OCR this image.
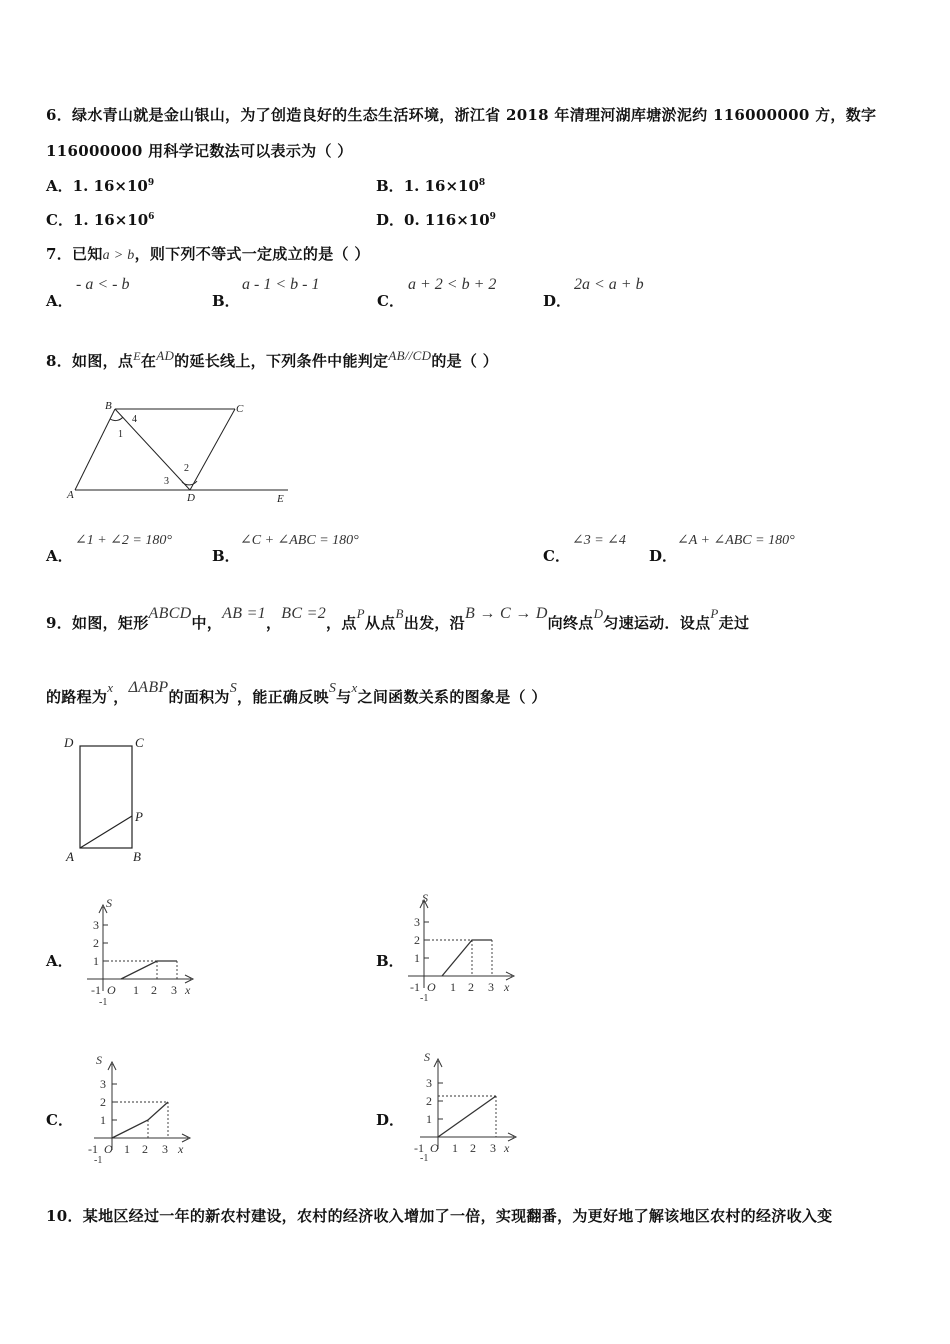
6．绿水青山就是金山银山，为了创造良好的生态生活环境，浙江省 2018 年清理河湖库塘淤泥约 116000000 方，数字
116000000 用科学记数法可以表示为（ ）
A．1. $16\times 10^9$	B．1. $16\times 10^8$
C．1. $16\times 10^6$	D．0. $116\times 10^9$
7．已知a > b，则下列不等式一定成立的是（ ）
A．
- a < - b
B．
a - 1 < b - 1
C．
a + 2 < b + 2
D．
2a < a + b
8．如图，点$^E$在AD的延长线上，下列条件中能判定AB//CD的是（ ）
B	C
A	D	E
1
4
2
3
A．
∠1 + ∠2 = 180°
B．
∠C + ∠ABC = 180°
C．
∠3 = ∠4
D．
∠A + ∠ABC = 180°
9．如图，矩形ABCD中，AB =1，BC =2，点P从点B出发，沿B → C → D向终点D匀速运动．设点P走过
的路程为x，ΔABP的面积为S，能正确反映S与x之间函数关系的图象是（ ）
D	C
A	B
P
A．	B．
C．	D．
S
x
1
2
3
1 2 3
-1 O
-1
S
x
1
2
3
1 2 3
-1 O
-1
S
x
1
2
3
1 2 3
-1 O
-1
S
x
1
2
3
1 2 3
-1 O
-1
10．某地区经过一年的新农村建设，农村的经济收入增加了一倍，实现翻番，为更好地了解该地区农村的经济收入变
